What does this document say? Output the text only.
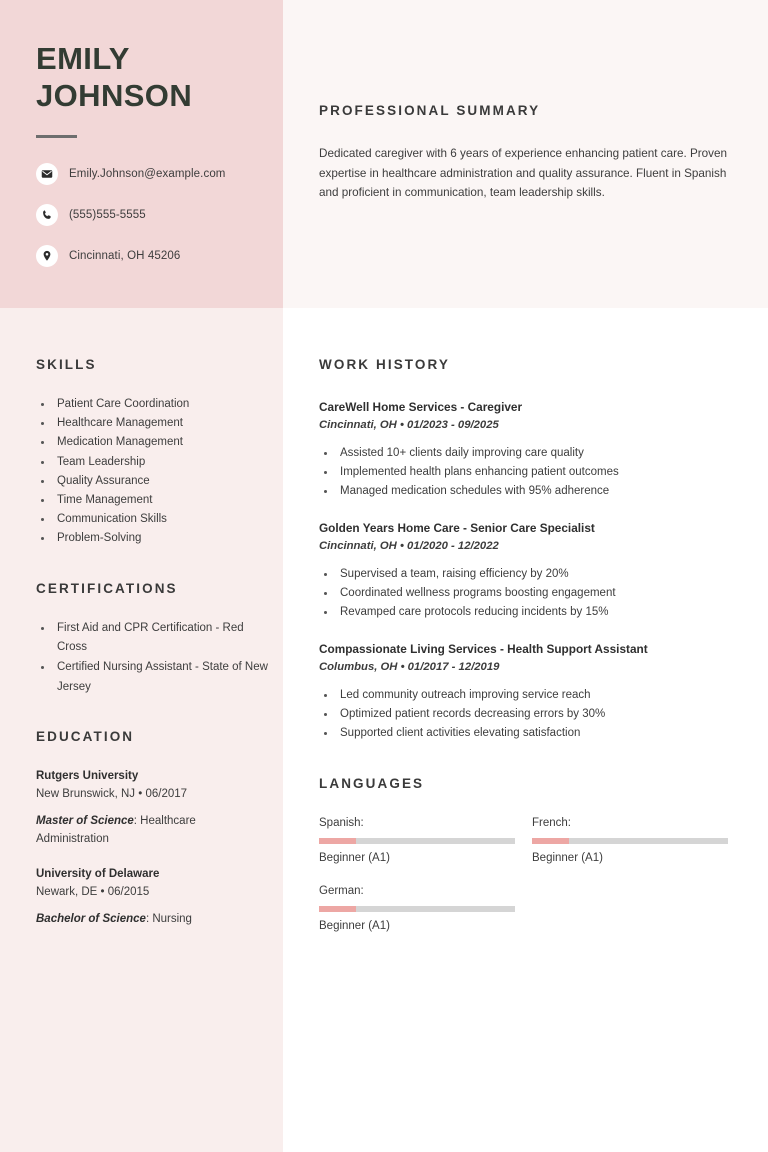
EMILY
JOHNSON
Emily.Johnson@example.com
(555)555-5555
Cincinnati, OH 45206
PROFESSIONAL SUMMARY
Dedicated caregiver with 6 years of experience enhancing patient care. Proven expertise in healthcare administration and quality assurance. Fluent in Spanish and proficient in communication, team leadership skills.
SKILLS
Patient Care Coordination
Healthcare Management
Medication Management
Team Leadership
Quality Assurance
Time Management
Communication Skills
Problem-Solving
CERTIFICATIONS
First Aid and CPR Certification - Red Cross
Certified Nursing Assistant - State of New Jersey
EDUCATION
Rutgers University
New Brunswick, NJ • 06/2017
Master of Science: Healthcare Administration
University of Delaware
Newark, DE • 06/2015
Bachelor of Science: Nursing
WORK HISTORY
CareWell Home Services - Caregiver
Cincinnati, OH • 01/2023 - 09/2025
Assisted 10+ clients daily improving care quality
Implemented health plans enhancing patient outcomes
Managed medication schedules with 95% adherence
Golden Years Home Care - Senior Care Specialist
Cincinnati, OH • 01/2020 - 12/2022
Supervised a team, raising efficiency by 20%
Coordinated wellness programs boosting engagement
Revamped care protocols reducing incidents by 15%
Compassionate Living Services - Health Support Assistant
Columbus, OH • 01/2017 - 12/2019
Led community outreach improving service reach
Optimized patient records decreasing errors by 30%
Supported client activities elevating satisfaction
LANGUAGES
Spanish:
Beginner (A1)
French:
Beginner (A1)
German:
Beginner (A1)
